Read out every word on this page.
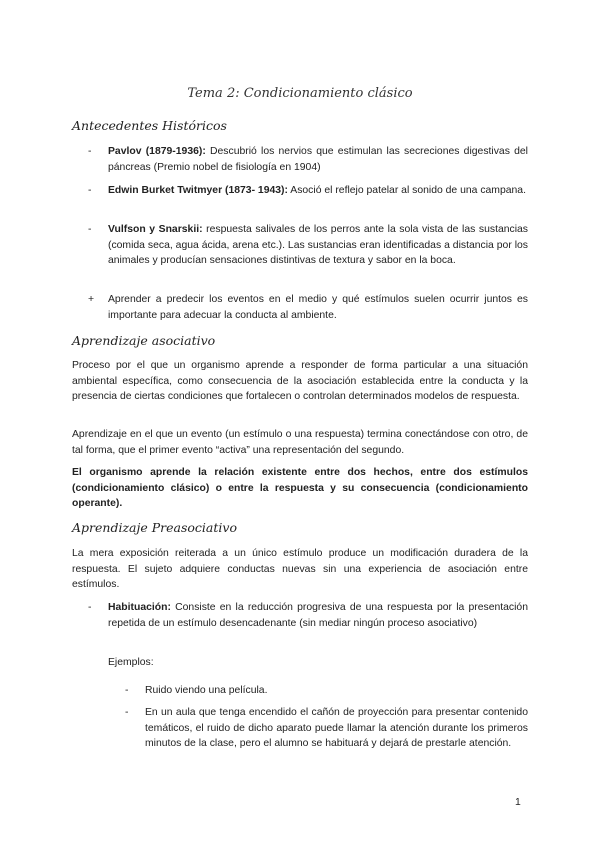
Tema 2: Condicionamiento clásico

Antecedentes Históricos

-	Pavlov (1879-1936): Descubrió los nervios que estimulan las secreciones digestivas del páncreas (Premio nobel de fisiología en 1904)
-	Edwin Burket Twitmyer (1873- 1943): Asoció el reflejo patelar al sonido de una campana.
-	Vulfson y Snarskii: respuesta salivales de los perros ante la sola vista de las sustancias (comida seca, agua ácida, arena etc.). Las sustancias eran identificadas a distancia por los animales y producían sensaciones distintivas de textura y sabor en la boca.
+	Aprender a predecir los eventos en el medio y qué estímulos suelen ocurrir juntos es importante para adecuar la conducta al ambiente.

Aprendizaje asociativo

Proceso por el que un organismo aprende a responder de forma particular a una situación ambiental específica, como consecuencia de la asociación establecida entre la conducta y la presencia de ciertas condiciones que fortalecen o controlan determinados modelos de respuesta.

Aprendizaje en el que un evento (un estímulo o una respuesta) termina conectándose con otro, de tal forma, que el primer evento “activa” una representación del segundo.

El organismo aprende la relación existente entre dos hechos, entre dos estímulos (condicionamiento clásico) o entre la respuesta y su consecuencia (condicionamiento operante).

Aprendizaje Preasociativo

La mera exposición reiterada a un único estímulo produce un modificación duradera de la respuesta. El sujeto adquiere conductas nuevas sin una experiencia de asociación entre estímulos.

-	Habituación: Consiste en la reducción progresiva de una respuesta por la presentación repetida de un estímulo desencadenante (sin mediar ningún proceso asociativo)

Ejemplos:

- Ruido viendo una película.
- En un aula que tenga encendido el cañón de proyección para presentar contenido temáticos, el ruido de dicho aparato puede llamar la atención durante los primeros minutos de la clase, pero el alumno se habituará y dejará de prestarle atención.

1
